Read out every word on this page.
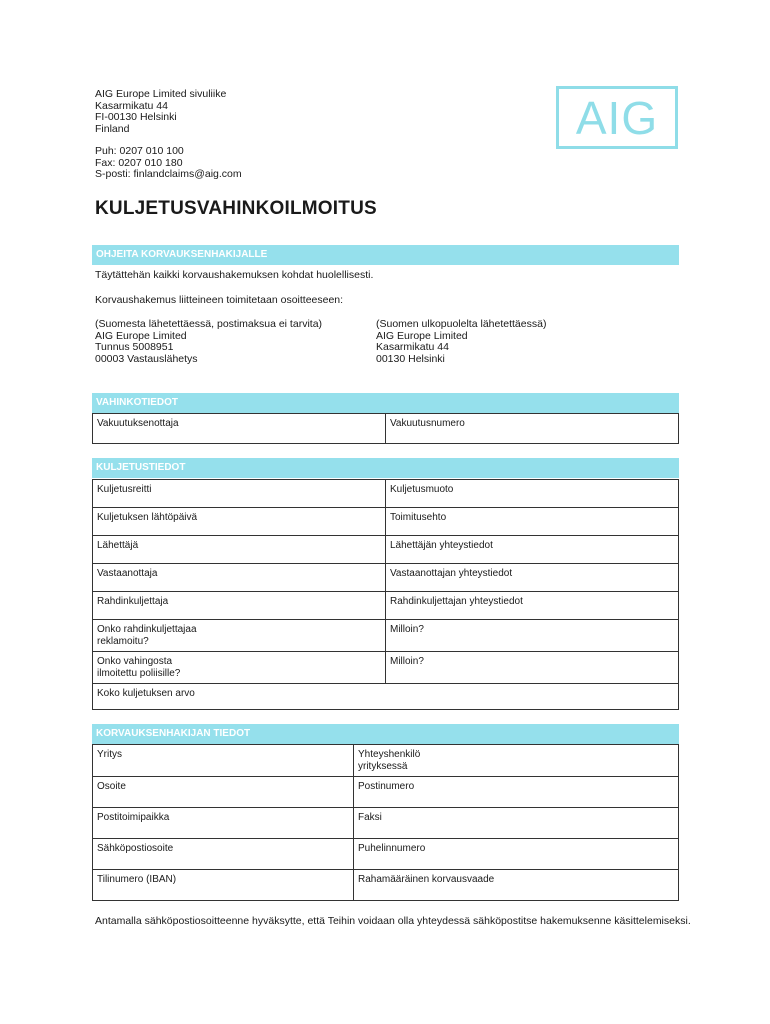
AIG Europe Limited sivuliike
Kasarmikatu 44
FI-00130 Helsinki
Finland
Puh: 0207 010 100
Fax: 0207 010 180
S-posti: finlandclaims@aig.com
AIG
KULJETUSVAHINKOILMOITUS
OHJEITA KORVAUKSENHAKIJALLE
Täytättehän kaikki korvaushakemuksen kohdat huolellisesti.
Korvaushakemus liitteineen toimitetaan osoitteeseen:
(Suomesta lähetettäessä, postimaksua ei tarvita)
AIG Europe Limited
Tunnus 5008951
00003 Vastauslähetys
(Suomen ulkopuolelta lähetettäessä)
AIG Europe Limited
Kasarmikatu 44
00130 Helsinki
VAHINKOTIEDOT
Vakuutuksenottaja	Vakuutusnumero
KULJETUSTIEDOT
Kuljetusreitti	Kuljetusmuoto
Kuljetuksen lähtöpäivä	Toimitusehto
Lähettäjä	Lähettäjän yhteystiedot
Vastaanottaja	Vastaanottajan yhteystiedot
Rahdinkuljettaja	Rahdinkuljettajan yhteystiedot
Onko rahdinkuljettajaa
reklamoitu?	Milloin?
Onko vahingosta
ilmoitettu poliisille?	Milloin?
Koko kuljetuksen arvo	
KORVAUKSENHAKIJAN TIEDOT
Yritys	Yhteyshenkilö
yrityksessä
Osoite	Postinumero
Postitoimipaikka	Faksi
Sähköpostiosoite	Puhelinnumero
Tilinumero (IBAN)	Rahamääräinen korvausvaade
Antamalla sähköpostiosoitteenne hyväksytte, että Teihin voidaan olla yhteydessä sähköpostitse hakemuksenne käsittelemiseksi.
